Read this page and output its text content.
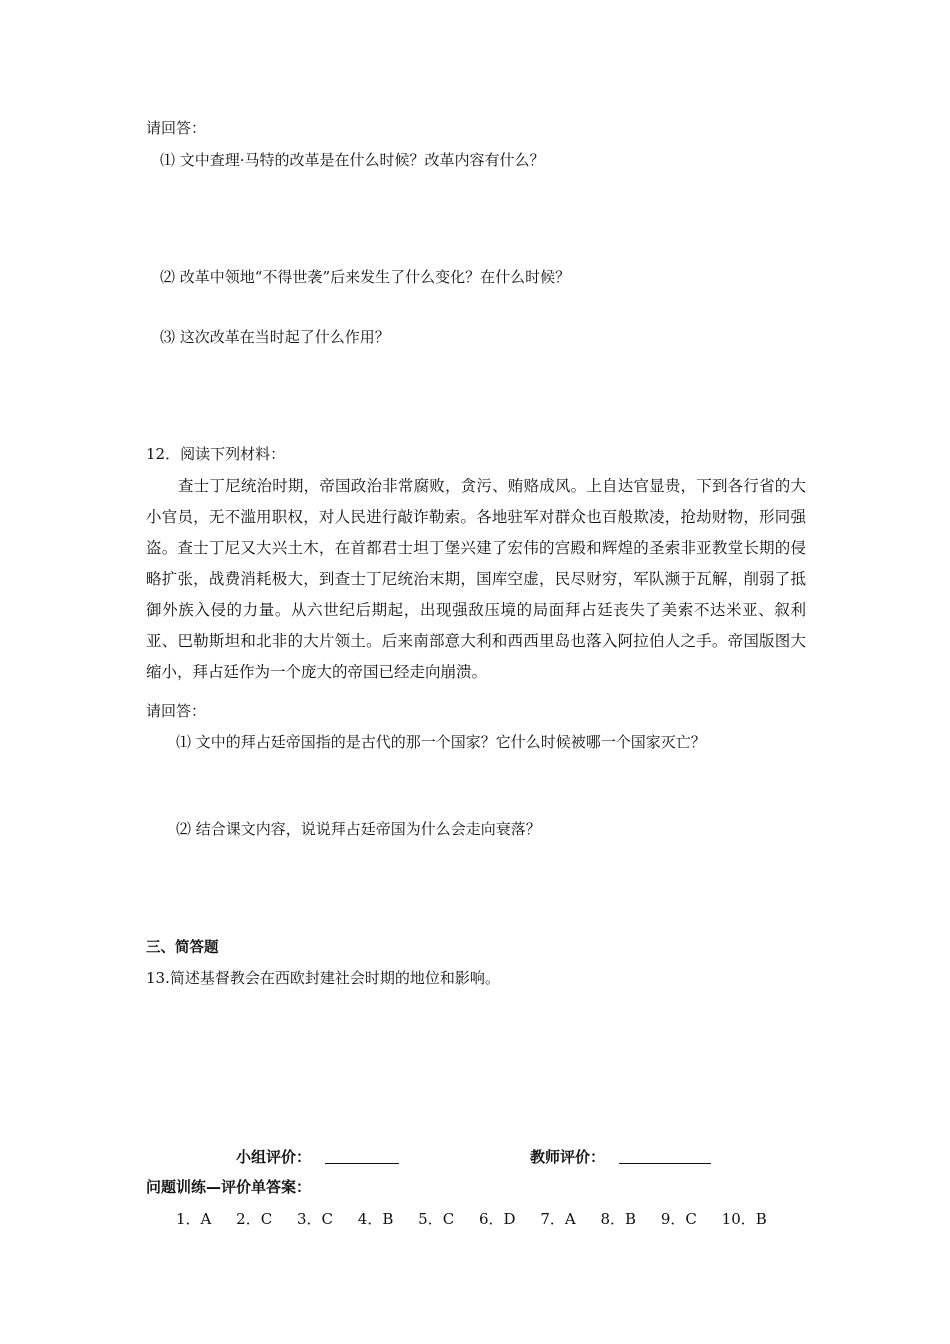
请回答：
⑴ 文中查理·马特的改革是在什么时候？改革内容有什么？
⑵ 改革中领地“不得世袭”后来发生了什么变化？在什么时候？
⑶ 这次改革在当时起了什么作用？
12．阅读下列材料：
查士丁尼统治时期，帝国政治非常腐败，贪污、贿赂成风。上自达官显贵，下到各行省的大小官员，无不滥用职权，对人民进行敲诈勒索。各地驻军对群众也百般欺凌，抢劫财物，形同强盗。查士丁尼又大兴土木，在首都君士坦丁堡兴建了宏伟的宫殿和辉煌的圣索非亚教堂长期的侵略扩张，战费消耗极大，到查士丁尼统治末期，国库空虚，民尽财穷，军队濒于瓦解，削弱了抵御外族入侵的力量。从六世纪后期起，出现强敌压境的局面拜占廷丧失了美索不达米亚、叙利亚、巴勒斯坦和北非的大片领土。后来南部意大利和西西里岛也落入阿拉伯人之手。帝国版图大缩小，拜占廷作为一个庞大的帝国已经走向崩溃。
请回答：
⑴ 文中的拜占廷帝国指的是古代的那一个国家？它什么时候被哪一个国家灭亡？
⑵ 结合课文内容，说说拜占廷帝国为什么会走向衰落？
三、简答题
13.简述基督教会在西欧封建社会时期的地位和影响。
小组评价：	教师评价：
问题训练—评价单答案：
1．A 2．C 3．C 4．B 5．C 6．D 7．A 8．B 9．C 10．B
